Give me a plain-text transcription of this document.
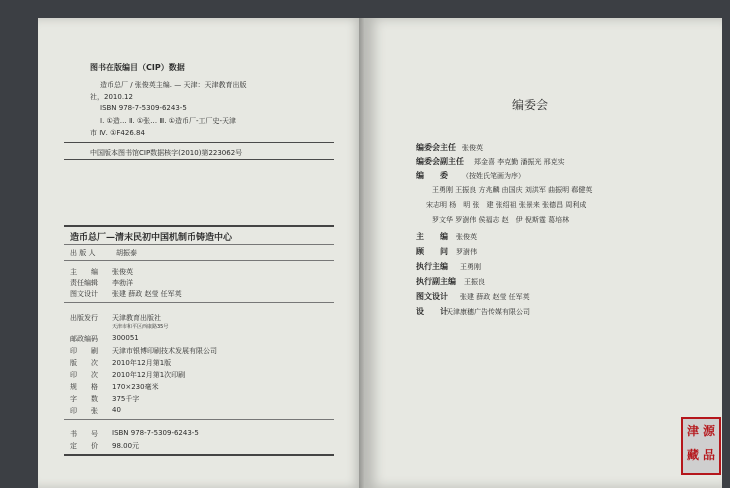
图书在版编目（CIP）数据
造币总厂 / 张俊英主编. — 天津：天津教育出版
社，2010.12
ISBN 978-7-5309-6243-5
Ⅰ. ①造… Ⅱ. ①张… Ⅲ. ①造币厂-工厂史-天津
市 Ⅳ. ①F426.84
中国版本图书馆CIP数据核字(2010)第223062号
造币总厂—清末民初中国机制币铸造中心
出 版 人	胡振泰
主　　编 张俊英
责任编辑 李勃洋
图文设计 张建 薛政 赵莹 任军英
出版发行 天津教育出版社
天津市和平区西康路35号
邮政编码 300051
印　　刷 天津市银博印刷技术发展有限公司
版　　次 2010年12月第1版
印　　次 2010年12月第1次印刷
规　　格 170×230毫米
字　　数 375千字
印　　张 40
书　　号 ISBN 978-7-5309-6243-5
定　　价 98.00元
编委会
编委会主任 张俊英
编委会副主任 郑金喜 李克勤 潘振光 邢克实
编　　委 （按姓氏笔画为序）
王勇刚 王振良 方兆麟 由国庆 刘洪军 曲振明 郗健英
宋志明 杨　明 张　建 张绍祖 张景来 张德昌 周利成
罗文华 罗澍伟 侯福志 赵　伊 倪斯霆 葛培林
主　　编 张俊英
顾　　问 罗澍伟
执行主编 王勇刚
执行副主编 王振良
图文设计 张建 薛政 赵莹 任军英
设　　计
天津康穗广告传媒有限公司
津 源
藏 品
